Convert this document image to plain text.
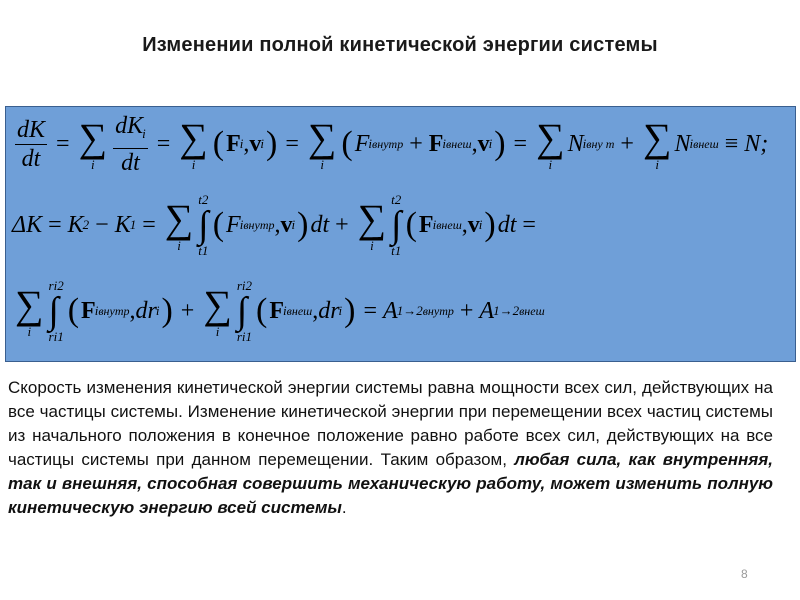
Изменении полной кинетической энергии системы
$\frac{dK}{dt}$ = ∑
i $\frac{dK_i}{dt}$ = ∑
i
( F i , v i ) = ∑
i
( F i внутр + F i внеш , v i ) = ∑
i
N i вну т + ∑
i
N i внеш ≡ N;
ΔK = K 2 − K 1 = ∑
i
t2
∫
t1
( F i внутр , v i ) dt + ∑
i
t2
∫
t1
( F i внеш , v i ) dt =
∑
i
ri2
∫
ri1
( F i внутр , dr i ) + ∑
i
ri2
∫
ri1
( F i внеш , dr i ) = A 1→2 внутр + A 1→2 внеш
Скорость изменения кинетической энергии системы равна мощности всех сил, действующих на все частицы системы. Изменение кинетической энергии при перемещении всех частиц системы из начального положения в конечное положение равно работе всех сил, действующих на все частицы системы при данном перемещении. Таким образом, любая сила, как внутренняя, так и внешняя, способная совершить механическую работу, может изменить полную кинетическую энергию всей системы.
8
